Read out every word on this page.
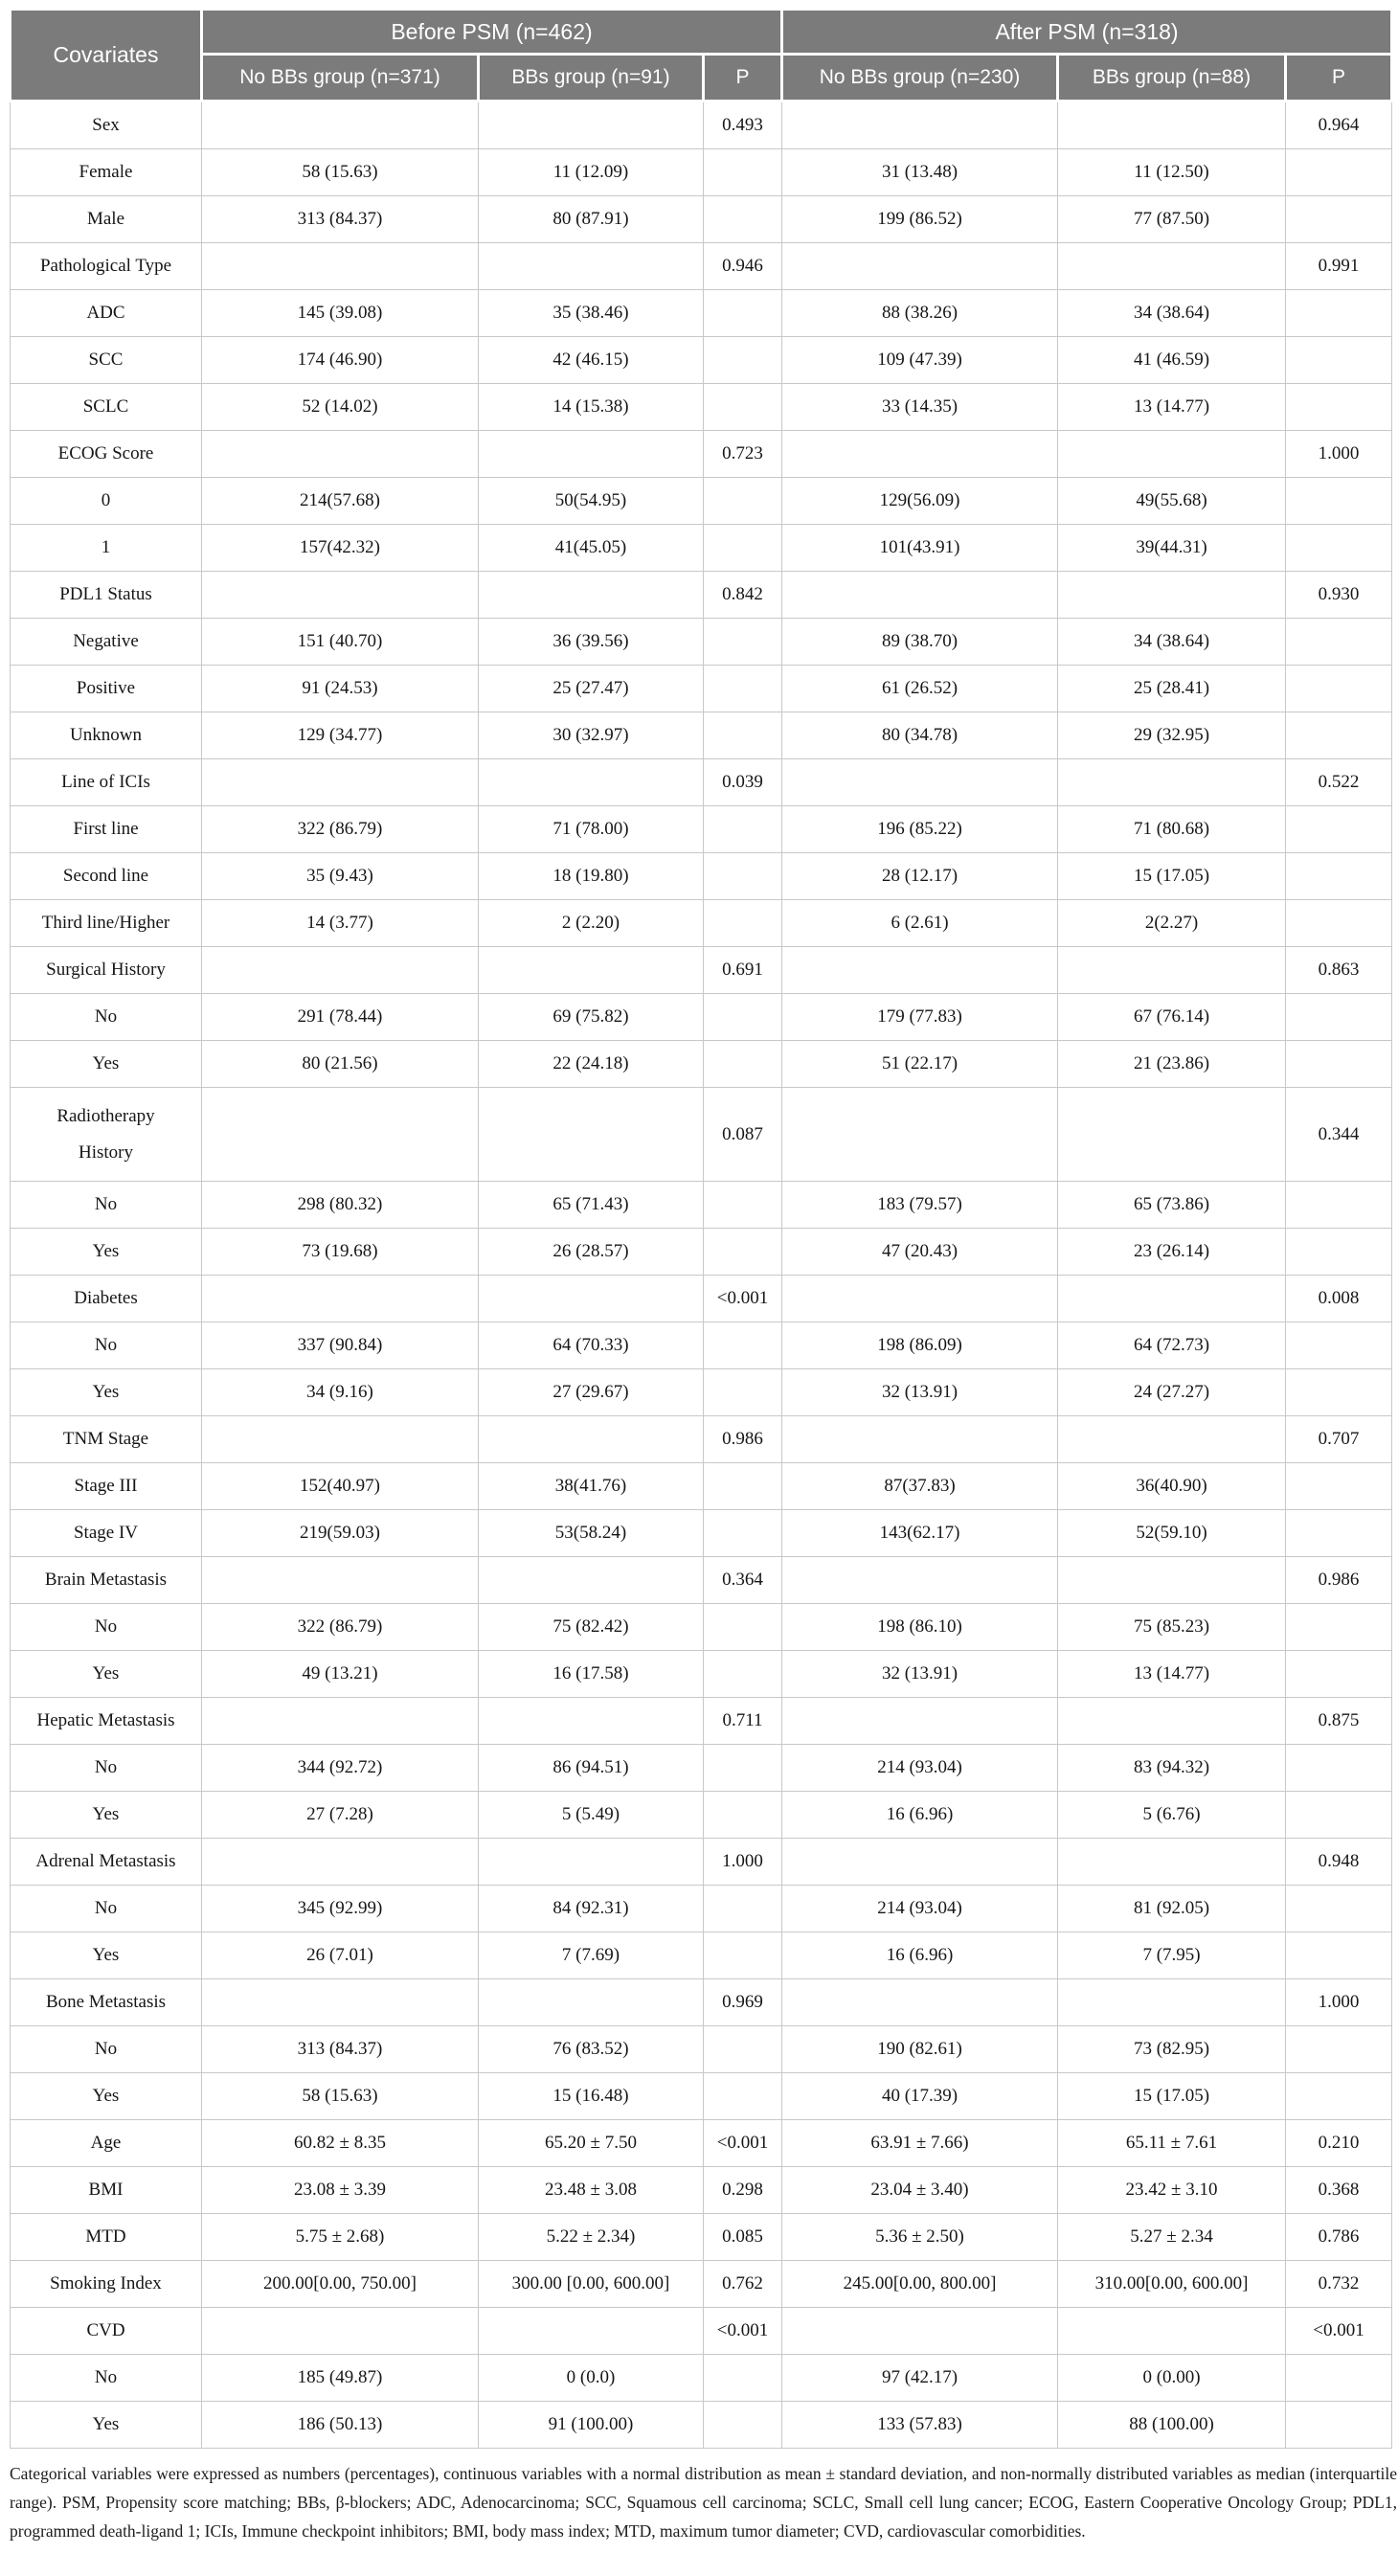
Covariates	Before PSM (n=462)			After PSM (n=318)		
	No BBs group (n=371)	BBs group (n=91)	P	No BBs group (n=230)	BBs group (n=88)	P
Sex			0.493			0.964
Female	58 (15.63)	11 (12.09)		31 (13.48)	11 (12.50)	
Male	313 (84.37)	80 (87.91)		199 (86.52)	77 (87.50)	
Pathological Type			0.946			0.991
ADC	145 (39.08)	35 (38.46)		88 (38.26)	34 (38.64)	
SCC	174 (46.90)	42 (46.15)		109 (47.39)	41 (46.59)	
SCLC	52 (14.02)	14 (15.38)		33 (14.35)	13 (14.77)	
ECOG Score			0.723			1.000
0	214(57.68)	50(54.95)		129(56.09)	49(55.68)	
1	157(42.32)	41(45.05)		101(43.91)	39(44.31)	
PDL1 Status			0.842			0.930
Negative	151 (40.70)	36 (39.56)		89 (38.70)	34 (38.64)	
Positive	91 (24.53)	25 (27.47)		61 (26.52)	25 (28.41)	
Unknown	129 (34.77)	30 (32.97)		80 (34.78)	29 (32.95)	
Line of ICIs			0.039			0.522
First line	322 (86.79)	71 (78.00)		196 (85.22)	71 (80.68)	
Second line	35 (9.43)	18 (19.80)		28 (12.17)	15 (17.05)	
Third line/Higher	14 (3.77)	2 (2.20)		6 (2.61)	2(2.27)	
Surgical History			0.691			0.863
No	291 (78.44)	69 (75.82)		179 (77.83)	67 (76.14)	
Yes	80 (21.56)	22 (24.18)		51 (22.17)	21 (23.86)	
Radiotherapy History			0.087			0.344
No	298 (80.32)	65 (71.43)		183 (79.57)	65 (73.86)	
Yes	73 (19.68)	26 (28.57)		47 (20.43)	23 (26.14)	
Diabetes			<0.001			0.008
No	337 (90.84)	64 (70.33)		198 (86.09)	64 (72.73)	
Yes	34 (9.16)	27 (29.67)		32 (13.91)	24 (27.27)	
TNM Stage			0.986			0.707
Stage III	152(40.97)	38(41.76)		87(37.83)	36(40.90)	
Stage IV	219(59.03)	53(58.24)		143(62.17)	52(59.10)	
Brain Metastasis			0.364			0.986
No	322 (86.79)	75 (82.42)		198 (86.10)	75 (85.23)	
Yes	49 (13.21)	16 (17.58)		32 (13.91)	13 (14.77)	
Hepatic Metastasis			0.711			0.875
No	344 (92.72)	86 (94.51)		214 (93.04)	83 (94.32)	
Yes	27 (7.28)	5 (5.49)		16 (6.96)	5 (6.76)	
Adrenal Metastasis			1.000			0.948
No	345 (92.99)	84 (92.31)		214 (93.04)	81 (92.05)	
Yes	26 (7.01)	7 (7.69)		16 (6.96)	7 (7.95)	
Bone Metastasis			0.969			1.000
No	313 (84.37)	76 (83.52)		190 (82.61)	73 (82.95)	
Yes	58 (15.63)	15 (16.48)		40 (17.39)	15 (17.05)	
Age	60.82 ± 8.35	65.20 ± 7.50	<0.001	63.91 ± 7.66)	65.11 ± 7.61	0.210
BMI	23.08 ± 3.39	23.48 ± 3.08	0.298	23.04 ± 3.40)	23.42 ± 3.10	0.368
MTD	5.75 ± 2.68)	5.22 ± 2.34)	0.085	5.36 ± 2.50)	5.27 ± 2.34	0.786
Smoking Index	200.00[0.00, 750.00]	300.00 [0.00, 600.00]	0.762	245.00[0.00, 800.00]	310.00[0.00, 600.00]	0.732
CVD			<0.001			<0.001
No	185 (49.87)	0 (0.0)		97 (42.17)	0 (0.00)	
Yes	186 (50.13)	91 (100.00)		133 (57.83)	88 (100.00)	

Categorical variables were expressed as numbers (percentages), continuous variables with a normal distribution as mean ± standard deviation, and non-normally distributed variables as median (interquartile range). PSM, Propensity score matching; BBs, β-blockers; ADC, Adenocarcinoma; SCC, Squamous cell carcinoma; SCLC, Small cell lung cancer; ECOG, Eastern Cooperative Oncology Group; PDL1, programmed death-ligand 1; ICIs, Immune checkpoint inhibitors; BMI, body mass index; MTD, maximum tumor diameter; CVD, cardiovascular comorbidities.
